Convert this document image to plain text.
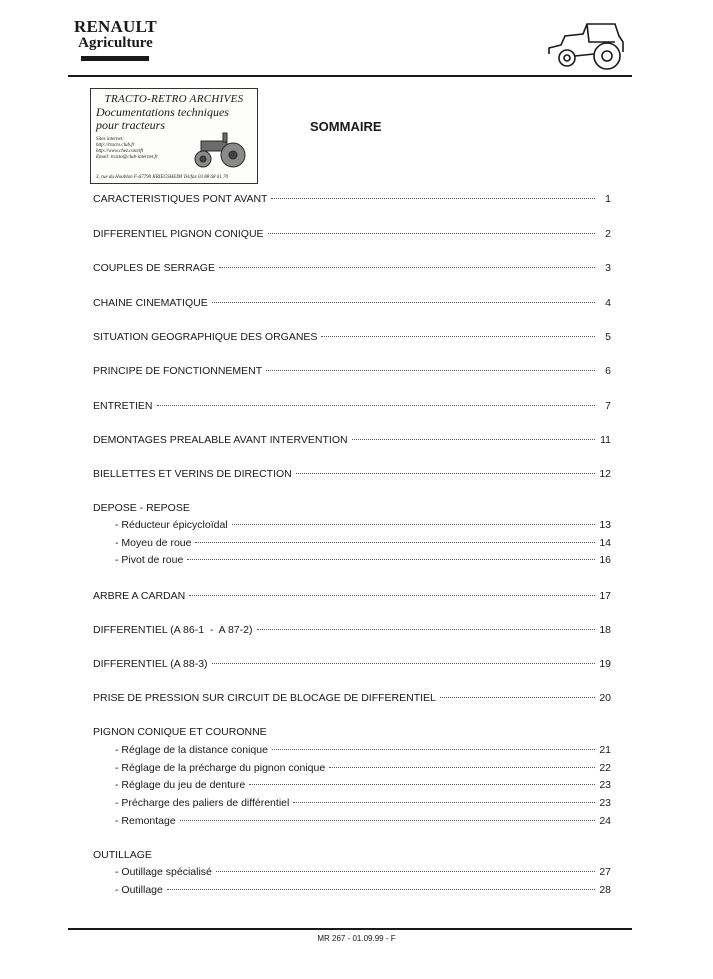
RENAULT
Agriculture
TRACTO-RETRO ARCHIVES
Documentations techniques
pour tracteurs
Sites internet:
http://tracto.club.fr
http://www.chez.com/tft
Email: tracto@club-internet.fr
3, rue du Houblon F-67790 KRIEGSHEIM Tel/fax 03 88 68 61 70
SOMMAIRE
CARACTERISTIQUES PONT AVANT	1
DIFFERENTIEL PIGNON CONIQUE	2
COUPLES DE SERRAGE	3
CHAINE CINEMATIQUE	4
SITUATION GEOGRAPHIQUE DES ORGANES	5
PRINCIPE DE FONCTIONNEMENT	6
ENTRETIEN	7
DEMONTAGES PREALABLE AVANT INTERVENTION	11
BIELLETTES ET VERINS DE DIRECTION	12
DEPOSE - REPOSE
- Réducteur épicycloïdal	13
- Moyeu de roue	14
- Pivot de roue	16
ARBRE A CARDAN	17
DIFFERENTIEL (A 86-1  -  A 87-2)	18
DIFFERENTIEL (A 88-3)	19
PRISE DE PRESSION SUR CIRCUIT DE BLOCAGE DE DIFFERENTIEL	20
PIGNON CONIQUE ET COURONNE
- Réglage de la distance conique	21
- Réglage de la précharge du pignon conique	22
- Réglage du jeu de denture	23
- Précharge des paliers de différentiel	23
- Remontage	24
OUTILLAGE
- Outillage spécialisé	27
- Outillage	28
MR 267 - 01.09.99 - F
